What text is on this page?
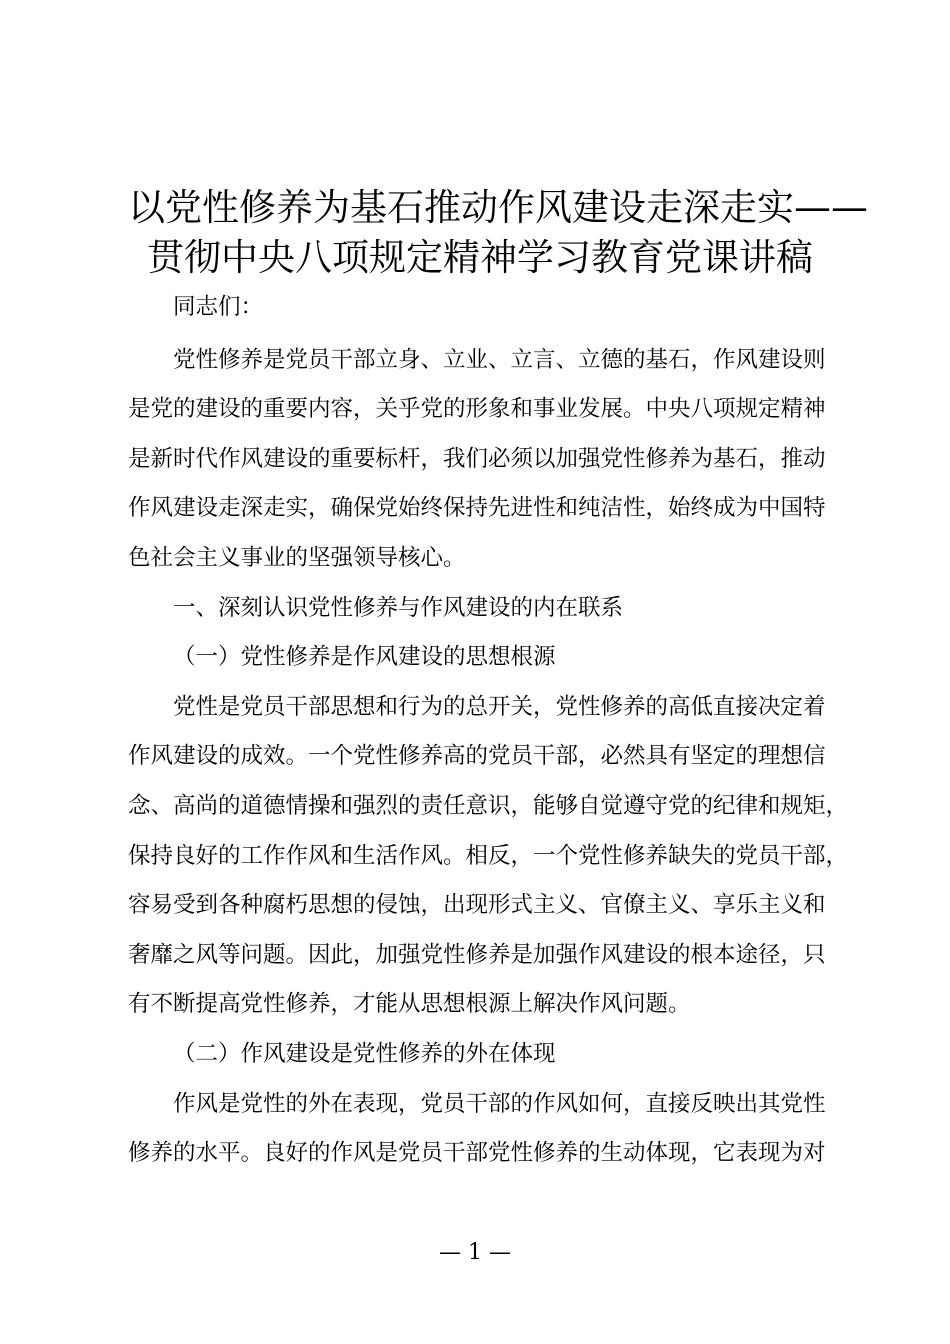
以党性修养为基石推动作风建设走深走实——
贯彻中央八项规定精神学习教育党课讲稿
同志们：
党性修养是党员干部立身、立业、立言、立德的基石，作风建设则
是党的建设的重要内容，关乎党的形象和事业发展。中央八项规定精神
是新时代作风建设的重要标杆，我们必须以加强党性修养为基石，推动
作风建设走深走实，确保党始终保持先进性和纯洁性，始终成为中国特
色社会主义事业的坚强领导核心。
一、深刻认识党性修养与作风建设的内在联系
（一）党性修养是作风建设的思想根源
党性是党员干部思想和行为的总开关，党性修养的高低直接决定着
作风建设的成效。一个党性修养高的党员干部，必然具有坚定的理想信
念、高尚的道德情操和强烈的责任意识，能够自觉遵守党的纪律和规矩，
保持良好的工作作风和生活作风。相反，一个党性修养缺失的党员干部，
容易受到各种腐朽思想的侵蚀，出现形式主义、官僚主义、享乐主义和
奢靡之风等问题。因此，加强党性修养是加强作风建设的根本途径，只
有不断提高党性修养，才能从思想根源上解决作风问题。
（二）作风建设是党性修养的外在体现
作风是党性的外在表现，党员干部的作风如何，直接反映出其党性
修养的水平。良好的作风是党员干部党性修养的生动体现，它表现为对
— 1 —
